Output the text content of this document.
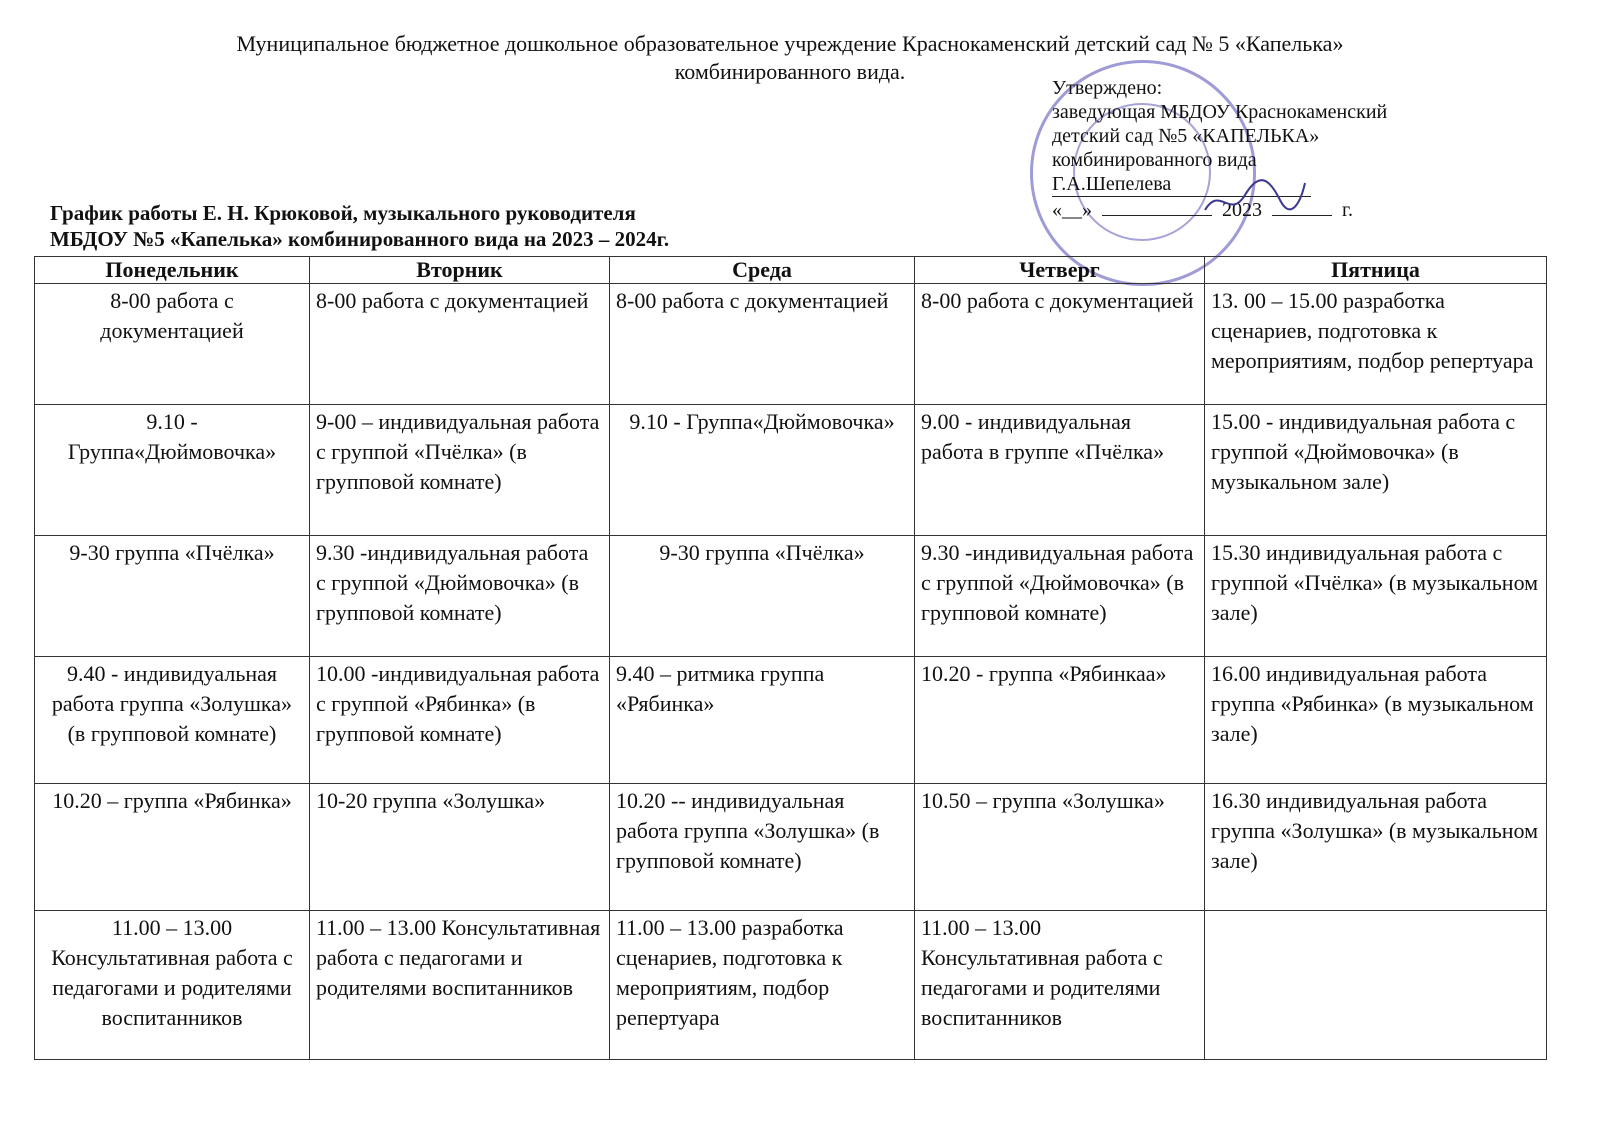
Муниципальное бюджетное дошкольное образовательное учреждение Краснокаменский детский сад № 5 «Капелька»
комбинированного вида.
Утверждено:
заведующая МБДОУ Краснокаменский
детский сад №5 «КАПЕЛЬКА»
комбинированного вида
Г.А.Шепелева
«__»	2023	г.
График работы Е. Н. Крюковой, музыкального руководителя
МБДОУ №5 «Капелька» комбинированного вида на 2023 – 2024г.
Понедельник	Вторник	Среда	Четверг	Пятница
8-00 работа с документацией	8-00 работа с документацией	8-00 работа с документацией	8-00 работа с документацией	13. 00 – 15.00 разработка сценариев, подготовка к мероприятиям, подбор репертуара
9.10 - Группа«Дюймовочка»	9-00 – индивидуальная работа с группой «Пчёлка» (в групповой комнате)	9.10 - Группа«Дюймовочка»	9.00 - индивидуальная работа в группе «Пчёлка»	15.00 - индивидуальная работа с группой «Дюймовочка» (в музыкальном зале)
9-30 группа «Пчёлка»	9.30 -индивидуальная работа с группой «Дюймовочка» (в групповой комнате)	9-30 группа «Пчёлка»	9.30 -индивидуальная работа с группой «Дюймовочка» (в групповой комнате)	15.30 индивидуальная работа с группой «Пчёлка» (в музыкальном зале)
9.40 - индивидуальная работа группа «Золушка» (в групповой комнате)	10.00 -индивидуальная работа с группой «Рябинка» (в групповой комнате)	9.40 – ритмика группа «Рябинка»	10.20 - группа «Рябинкаа»	16.00 индивидуальная работа группа «Рябинка» (в музыкальном зале)
10.20 – группа «Рябинка»	10-20 группа «Золушка»	10.20 -- индивидуальная работа группа «Золушка» (в групповой комнате)	10.50 – группа «Золушка»	16.30 индивидуальная работа группа «Золушка» (в музыкальном зале)
11.00 – 13.00 Консультативная работа с педагогами и родителями воспитанников	11.00 – 13.00 Консультативная работа с педагогами и родителями воспитанников	11.00 – 13.00 разработка сценариев, подготовка к мероприятиям, подбор репертуара	11.00 – 13.00 Консультативная работа с педагогами и родителями воспитанников	
